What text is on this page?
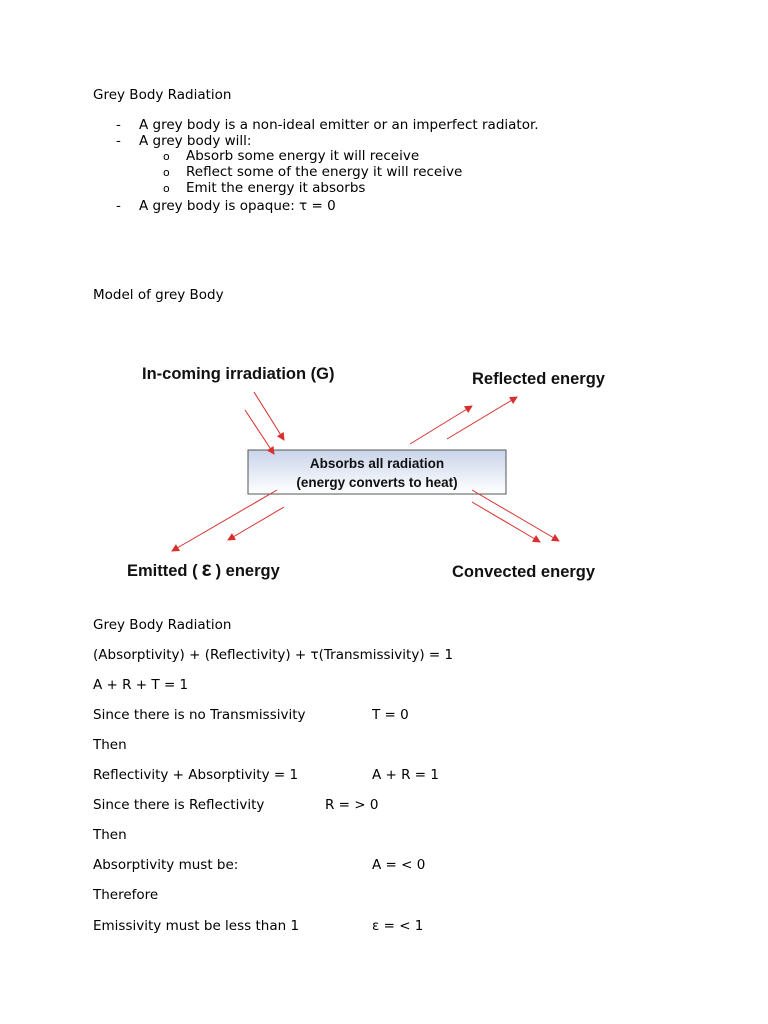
Grey Body Radiation
- A grey body is a non-ideal emitter or an imperfect radiator.
- A grey body will:
o Absorb some energy it will receive
o Reflect some of the energy it will receive
o Emit the energy it absorbs
- A grey body is opaque: τ = 0
Model of grey Body
In-coming irradiation (G)	Reflected energy
Absorbs all radiation
(energy converts to heat)
Emitted ( ε ) energy	Convected energy
Grey Body Radiation
(Absorptivity) + (Reflectivity) + τ(Transmissivity) = 1
A + R + T = 1
Since there is no Transmissivity	T = 0
Then
Reflectivity + Absorptivity = 1	A + R = 1
Since there is Reflectivity	R = > 0
Then
Absorptivity must be:	A = < 0
Therefore
Emissivity must be less than 1	ε = < 1
